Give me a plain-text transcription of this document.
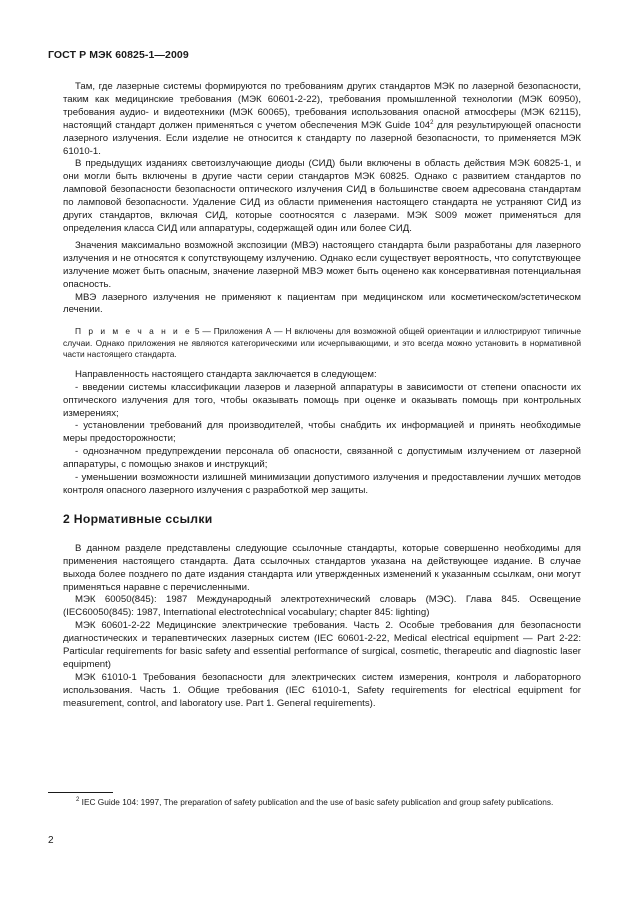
ГОСТ Р МЭК 60825-1—2009

Там, где лазерные системы формируются по требованиям других стандартов МЭК по лазерной безопасности, таким как медицинские требования (МЭК 60601-2-22), требования промышленной технологии (МЭК 60950), требования аудио- и видеотехники (МЭК 60065), требования использования опасной атмосферы (МЭК 62115), настоящий стандарт должен применяться с учетом обеспечения МЭК Guide $104^2$ для результирующей опасности лазерного излучения. Если изделие не относится к стандарту по лазерной безопасности, то применяется МЭК 61010-1.

В предыдущих изданиях светоизлучающие диоды (СИД) были включены в область действия МЭК 60825-1, и они могли быть включены в другие части серии стандартов МЭК 60825. Однако с развитием стандартов по ламповой безопасности безопасности оптического излучения СИД в большинстве своем адресована стандартам по ламповой безопасности. Удаление СИД из области применения настоящего стандарта не устраняют СИД из других стандартов, включая СИД, которые соотносятся с лазерами. МЭК S009 может применяться для определения класса СИД или аппаратуры, содержащей один или более СИД.

Значения максимально возможной экспозиции (МВЭ) настоящего стандарта были разработаны для лазерного излучения и не относятся к сопутствующему излучению. Однако если существует вероятность, что сопутствующее излучение может быть опасным, значение лазерной МВЭ может быть оценено как консервативная потенциальная опасность.

МВЭ лазерного излучения не применяют к пациентам при медицинском или косметическом/эстетическом лечении.

П р и м е ч а н и е 5 — Приложения А — Н включены для возможной общей ориентации и иллюстрируют типичные случаи. Однако приложения не являются категорическими или исчерпывающими, и это всегда можно установить в нормативной части настоящего стандарта.

Направленность настоящего стандарта заключается в следующем:

- введении системы классификации лазеров и лазерной аппаратуры в зависимости от степени опасности их оптического излучения для того, чтобы оказывать помощь при оценке и оказывать помощь при контрольных измерениях;

- установлении требований для производителей, чтобы снабдить их информацией и принять необходимые меры предосторожности;

- однозначном предупреждении персонала об опасности, связанной с допустимым излучением от лазерной аппаратуры, с помощью знаков и инструкций;

- уменьшении возможности излишней минимизации допустимого излучения и предоставлении лучших методов контроля опасного лазерного излучения с разработкой мер защиты.

2 Нормативные ссылки

В данном разделе представлены следующие ссылочные стандарты, которые совершенно необходимы для применения настоящего стандарта. Дата ссылочных стандартов указана на действующее издание. В случае выхода более позднего по дате издания стандарта или утвержденных изменений к указанным ссылкам, они могут применяться наравне с перечисленными.

МЭК 60050(845): 1987 Международный электротехнический словарь (МЭС). Глава 845. Освещение (IEC60050(845): 1987, International electrotechnical vocabulary; chapter 845: lighting)

МЭК 60601-2-22 Медицинские электрические требования. Часть 2. Особые требования для безопасности диагностических и терапевтических лазерных систем (IEC 60601-2-22, Medical electrical equipment — Part 2-22: Particular requirements for basic safety and essential performance of surgical, cosmetic, therapeutic and diagnostic laser equipment)

МЭК 61010-1 Требования безопасности для электрических систем измерения, контроля и лабораторного использования. Часть 1. Общие требования (IEC 61010-1, Safety requirements for electrical equipment for measurement, control, and laboratory use. Part 1. General requirements).

$^2$ IEC Guide 104: 1997, The preparation of safety publication and the use of basic safety publication and group safety publications.
2
